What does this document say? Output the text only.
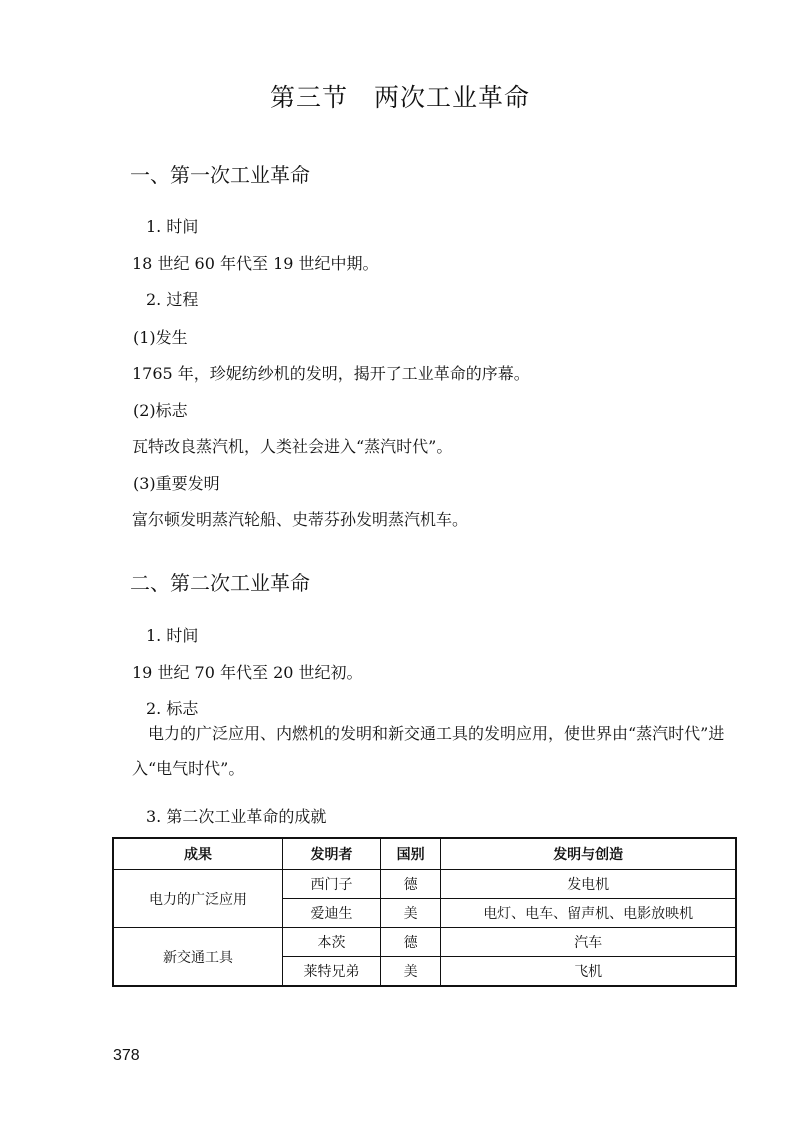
第三节 两次工业革命
一、第一次工业革命
1. 时间
18 世纪 60 年代至 19 世纪中期。
2. 过程
(1)发生
1765 年，珍妮纺纱机的发明，揭开了工业革命的序幕。
(2)标志
瓦特改良蒸汽机，人类社会进入“蒸汽时代”。
(3)重要发明
富尔顿发明蒸汽轮船、史蒂芬孙发明蒸汽机车。
二、第二次工业革命
1. 时间
19 世纪 70 年代至 20 世纪初。
2. 标志
电力的广泛应用、内燃机的发明和新交通工具的发明应用，使世界由“蒸汽时代”进入“电气时代”。
3. 第二次工业革命的成就
成果	发明者	国别	发明与创造
电力的广泛应用	西门子	德	发电机
	爱迪生	美	电灯、电车、留声机、电影放映机
新交通工具	本茨	德	汽车
	莱特兄弟	美	飞机
378
